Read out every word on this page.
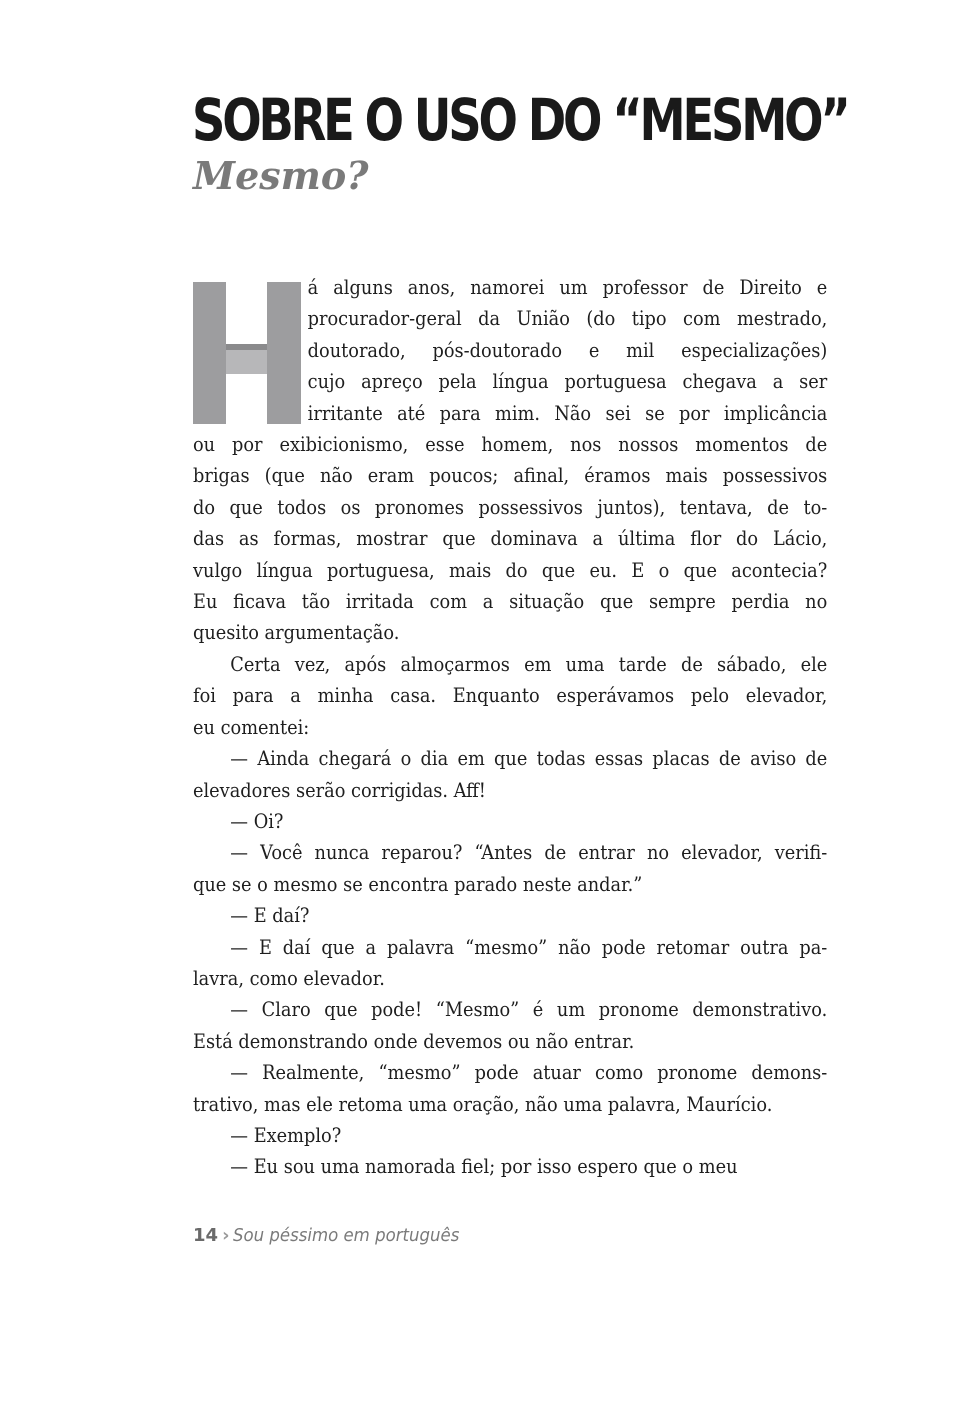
SOBRE O USO DO “MESMO”
Mesmo?

á alguns anos, namorei um professor de Direito e
procurador-geral da União (do tipo com mestrado,
doutorado, pós-doutorado e mil especializações)
cujo apreço pela língua portuguesa chegava a ser
irritante até para mim. Não sei se por implicância
ou por exibicionismo, esse homem, nos nossos momentos de
brigas (que não eram poucos; afinal, éramos mais possessivos
do que todos os pronomes possessivos juntos), tentava, de to-
das as formas, mostrar que dominava a última flor do Lácio,
vulgo língua portuguesa, mais do que eu. E o que acontecia?
Eu ficava tão irritada com a situação que sempre perdia no
quesito argumentação.

Certa vez, após almoçarmos em uma tarde de sábado, ele
foi para a minha casa. Enquanto esperávamos pelo elevador,
eu comentei:

— Ainda chegará o dia em que todas essas placas de aviso de
elevadores serão corrigidas. Aff!

— Oi?

— Você nunca reparou? “Antes de entrar no elevador, verifi-
que se o mesmo se encontra parado neste andar.”

— E daí?

— E daí que a palavra “mesmo” não pode retomar outra pa-
lavra, como elevador.

— Claro que pode! “Mesmo” é um pronome demonstrativo.
Está demonstrando onde devemos ou não entrar.

— Realmente, “mesmo” pode atuar como pronome demons-
trativo, mas ele retoma uma oração, não uma palavra, Maurício.

— Exemplo?

— Eu sou uma namorada fiel; por isso espero que o meu

14 › Sou péssimo em português
